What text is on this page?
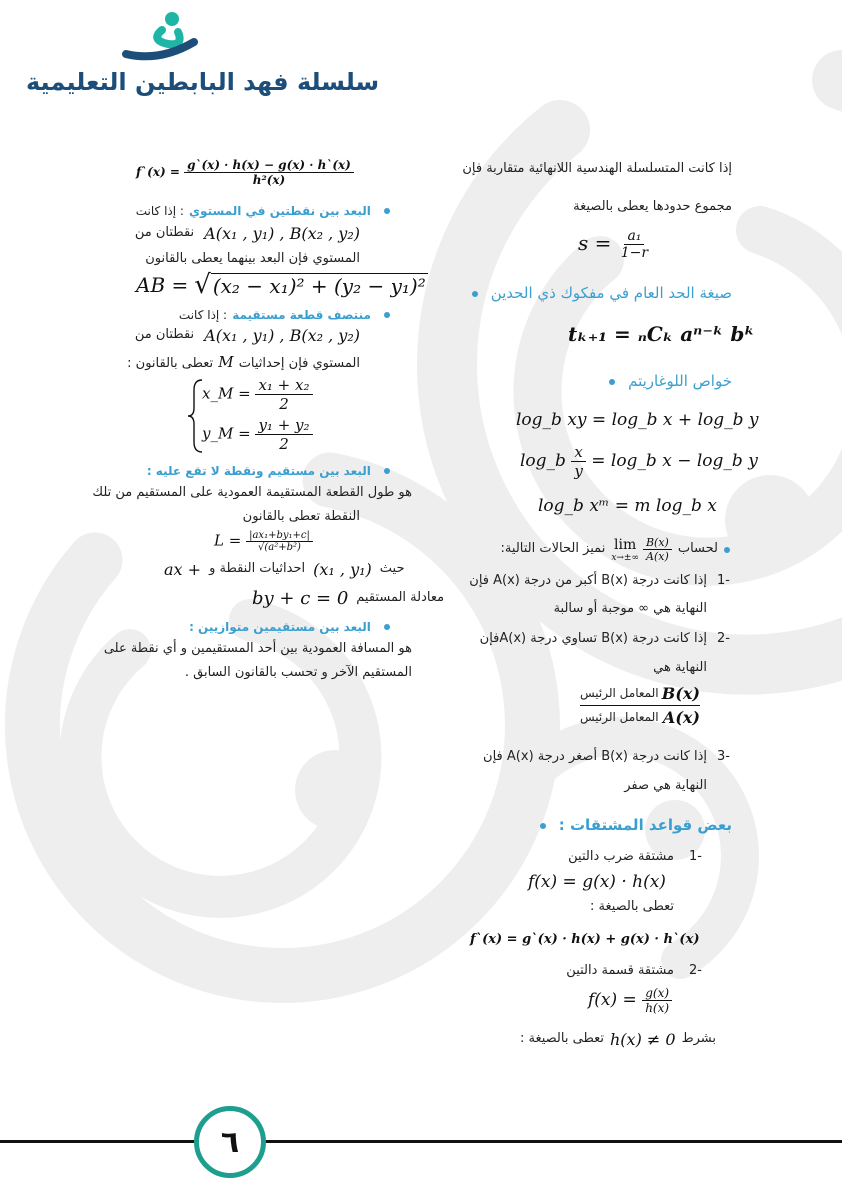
سلسلة فهد البابطين التعليمية
إذا كانت المتسلسلة الهندسية اللانهائية متقاربة فإن
مجموع حدودها يعطى بالصيغة
$s = \frac{\text{a₁}}{1-r}$
صيغة الحد العام في مفكوك ذي الحدين
tₖ₊₁ = ₙCₖ aⁿ⁻ᵏ bᵏ
خواص اللوغاريتم
log_b xy = log_b x + log_b y
log_b $\frac{x}{y}$ = log_b x − log_b y
log_b xᵐ = m log_b x
لحساب
lim
$x\to\pm\infty \frac{B(x)}{A(x)}$
نميز الحالات التالية:
-1
إذا كانت درجة B(x) أكبر من درجة A(x) فإن
النهاية هي ∞ موجبة أو سالبة
-2
إذا كانت درجة B(x) تساوي درجة A(x)فإن
النهاية هي
B(x)
المعامل الرئيس
A(x)
المعامل الرئيس
-3
إذا كانت درجة B(x) أصغر درجة A(x) فإن
النهاية هي صفر
بعض قواعد المشتقات :
-1
مشتقة ضرب دالتين
f(x) = g(x) · h(x)
تعطى بالصيغة :
f`(x) = g`(x) · h(x) + g(x) · h`(x)
-2
مشتقة قسمة دالتين
$f(x) = \frac{g(x)}{h(x)}$
بشرط
h(x) ≠ 0
تعطى بالصيغة :
f`(x) = $\frac{g`(x) \cdot h(x) - g(x) \cdot h`(x)}{\text{h²(x)}}$
البعد بين نقطتين في المستوي : إذا كانت
A(x₁ , y₁) , B(x₂ , y₂)
نقطتان من
المستوي فإن البعد بينهما يعطى بالقانون
AB = √ (x₂ − x₁)² + (y₂ − y₁)²
منتصف قطعة مستقيمة : إذا كانت
A(x₁ , y₁) , B(x₂ , y₂)
نقطتان من
المستوي فإن إحداثيات M تعطى بالقانون :
x_M = $\frac{\text{x₁ + x₂}}{2}$
y_M = $\frac{\text{y₁ + y₂}}{2}$
البعد بين مستقيم ونقطة لا تقع عليه :
هو طول القطعة المستقيمة العمودية على المستقيم من تلك
النقطة تعطى بالقانون
$L = \frac{\text{|ax₁+by₁+c|}}{\text{√(a²+b²)}}$
ax + احداثيات النقطة و (x₁ , y₁) حيث
by + c = 0 معادلة المستقيم
البعد بين مستقيمين متوازيين :
هو المسافة العمودية بين أحد المستقيمين و أي نقطة على
المستقيم الآخر و تحسب بالقانون السابق .
٦
